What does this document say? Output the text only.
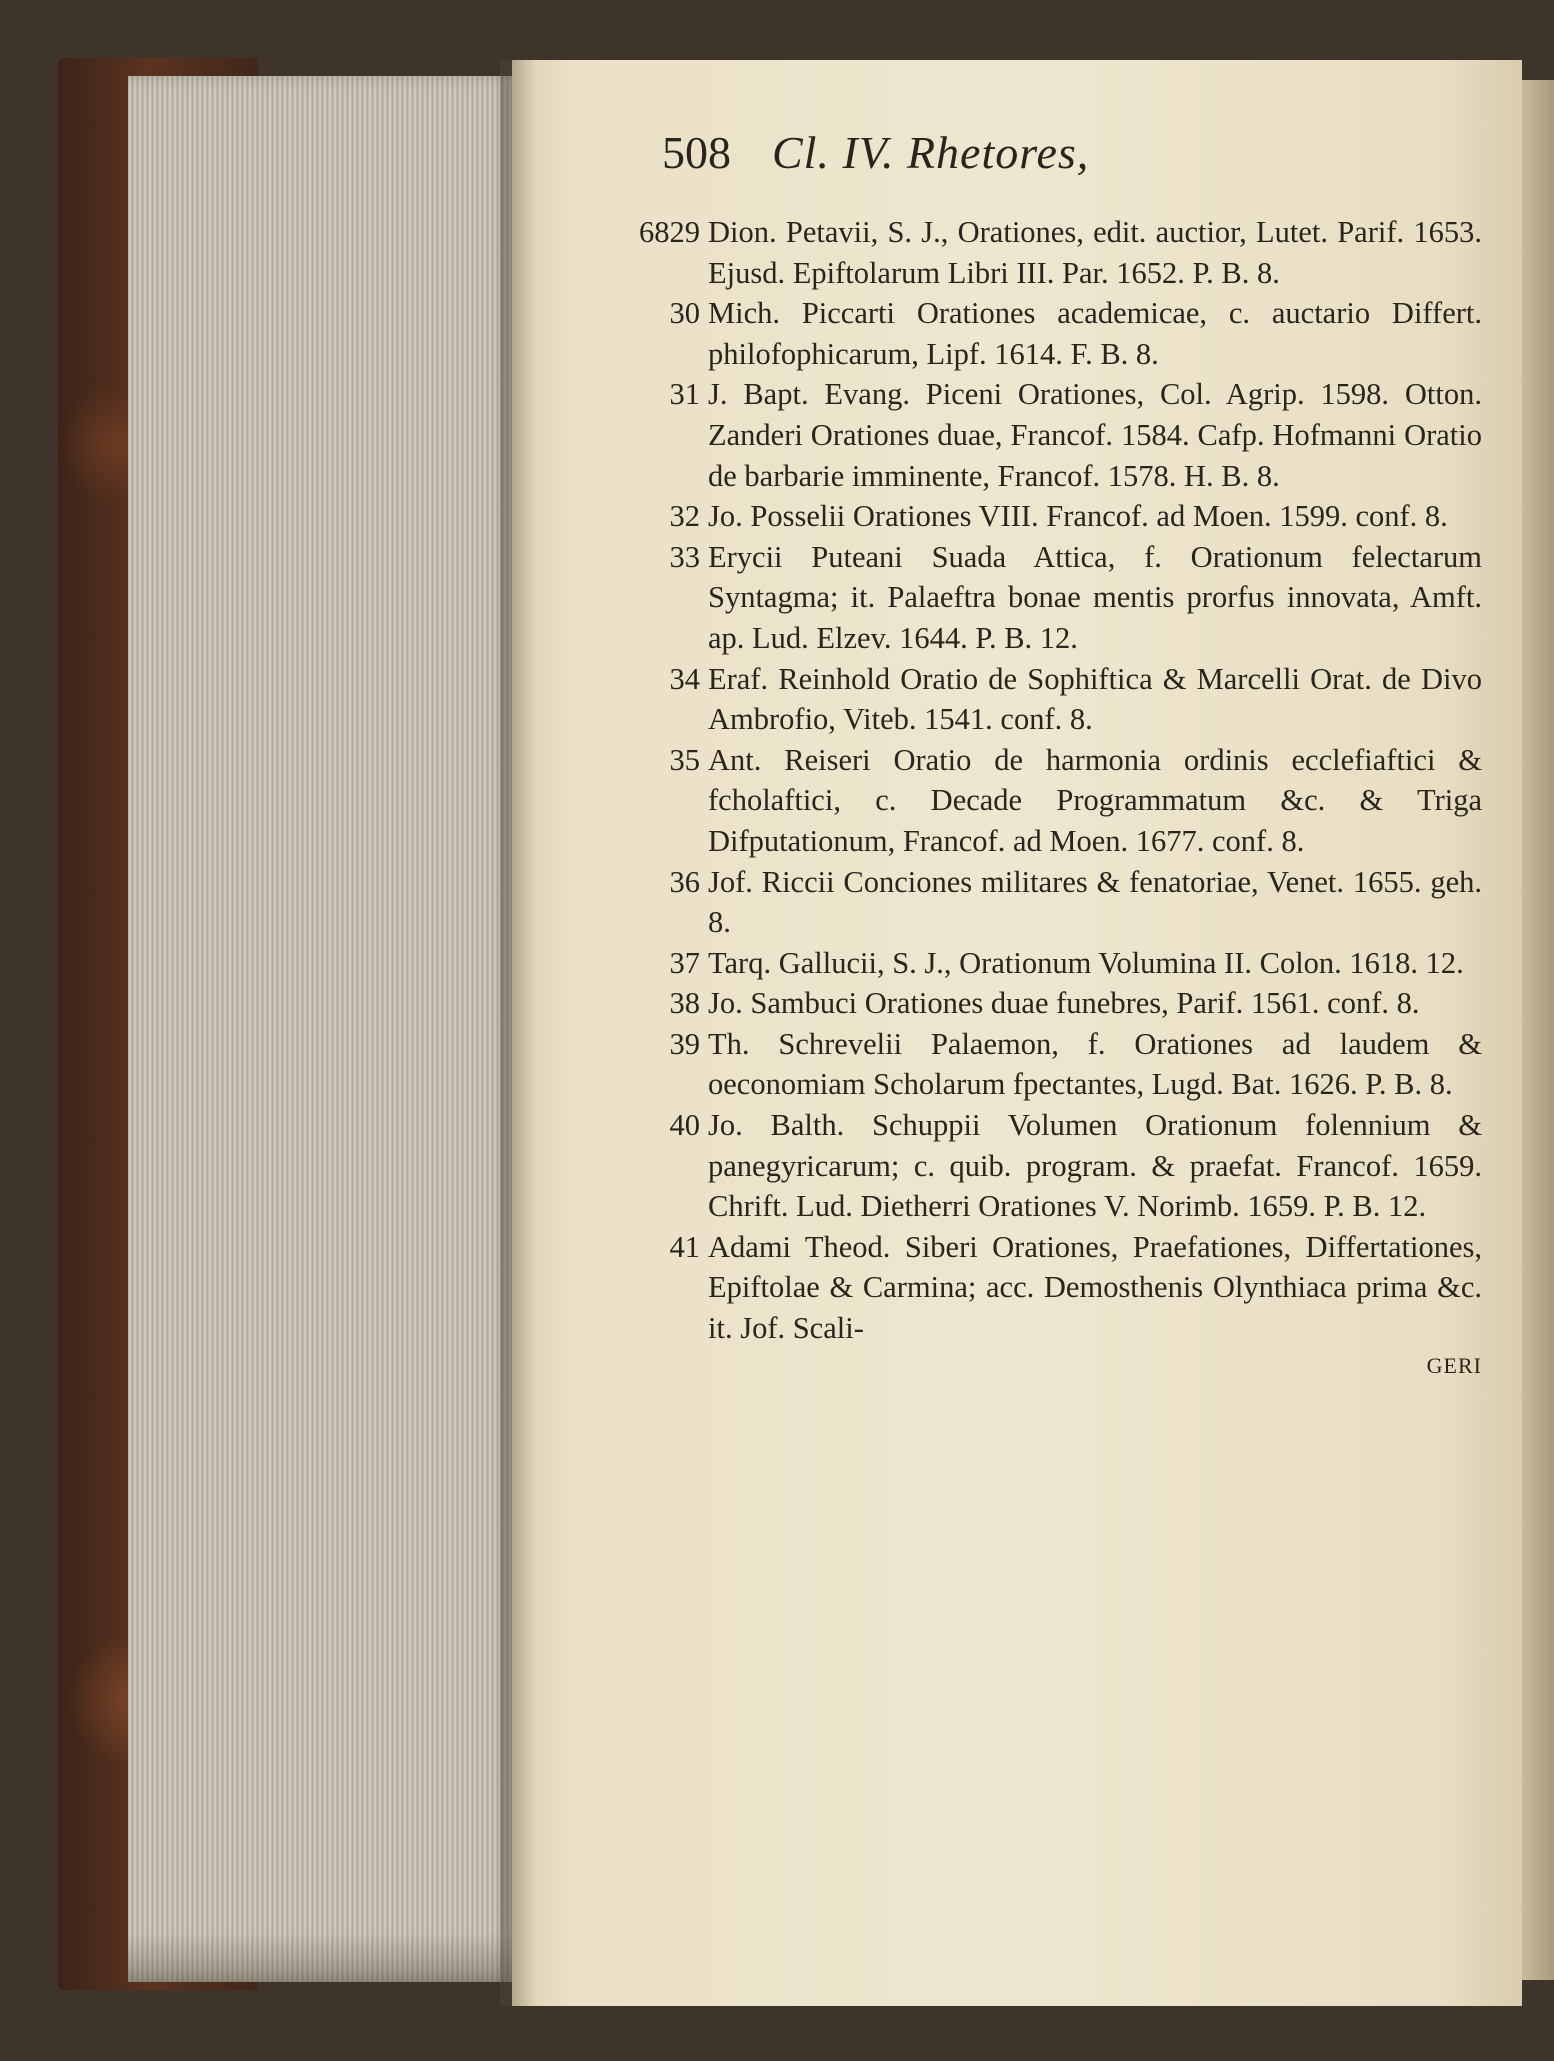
508 Cl. IV. Rhetores,
6829 Dion. Petavii, S. J., Orationes, edit. auctior, Lutet. Parif. 1653. Ejusd. Epiftolarum Libri III. Par. 1652. P. B. 8.
30 Mich. Piccarti Orationes academicae, c. auctario Differt. philofophicarum, Lipf. 1614. F. B. 8.
31 J. Bapt. Evang. Piceni Orationes, Col. Agrip. 1598. Otton. Zanderi Orationes duae, Francof. 1584. Cafp. Hofmanni Oratio de barbarie imminente, Francof. 1578. H. B. 8.
32 Jo. Posselii Orationes VIII. Francof. ad Moen. 1599. conf. 8.
33 Erycii Puteani Suada Attica, f. Orationum felectarum Syntagma; it. Palaeftra bonae mentis prorfus innovata, Amft. ap. Lud. Elzev. 1644. P. B. 12.
34 Eraf. Reinhold Oratio de Sophiftica & Marcelli Orat. de Divo Ambrofio, Viteb. 1541. conf. 8.
35 Ant. Reiseri Oratio de harmonia ordinis ecclefiaftici & fcholaftici, c. Decade Programmatum &c. & Triga Difputationum, Francof. ad Moen. 1677. conf. 8.
36 Jof. Riccii Conciones militares & fenatoriae, Venet. 1655. geh. 8.
37 Tarq. Gallucii, S. J., Orationum Volumina II. Colon. 1618. 12.
38 Jo. Sambuci Orationes duae funebres, Parif. 1561. conf. 8.
39 Th. Schrevelii Palaemon, f. Orationes ad laudem & oeconomiam Scholarum fpectantes, Lugd. Bat. 1626. P. B. 8.
40 Jo. Balth. Schuppii Volumen Orationum folennium & panegyricarum; c. quib. program. & praefat. Francof. 1659. Chrift. Lud. Dietherri Orationes V. Norimb. 1659. P. B. 12.
41 Adami Theod. Siberi Orationes, Praefationes, Differtationes, Epiftolae & Carmina; acc. Demosthenis Olynthiaca prima &c. it. Jof. Scali-
GERI
